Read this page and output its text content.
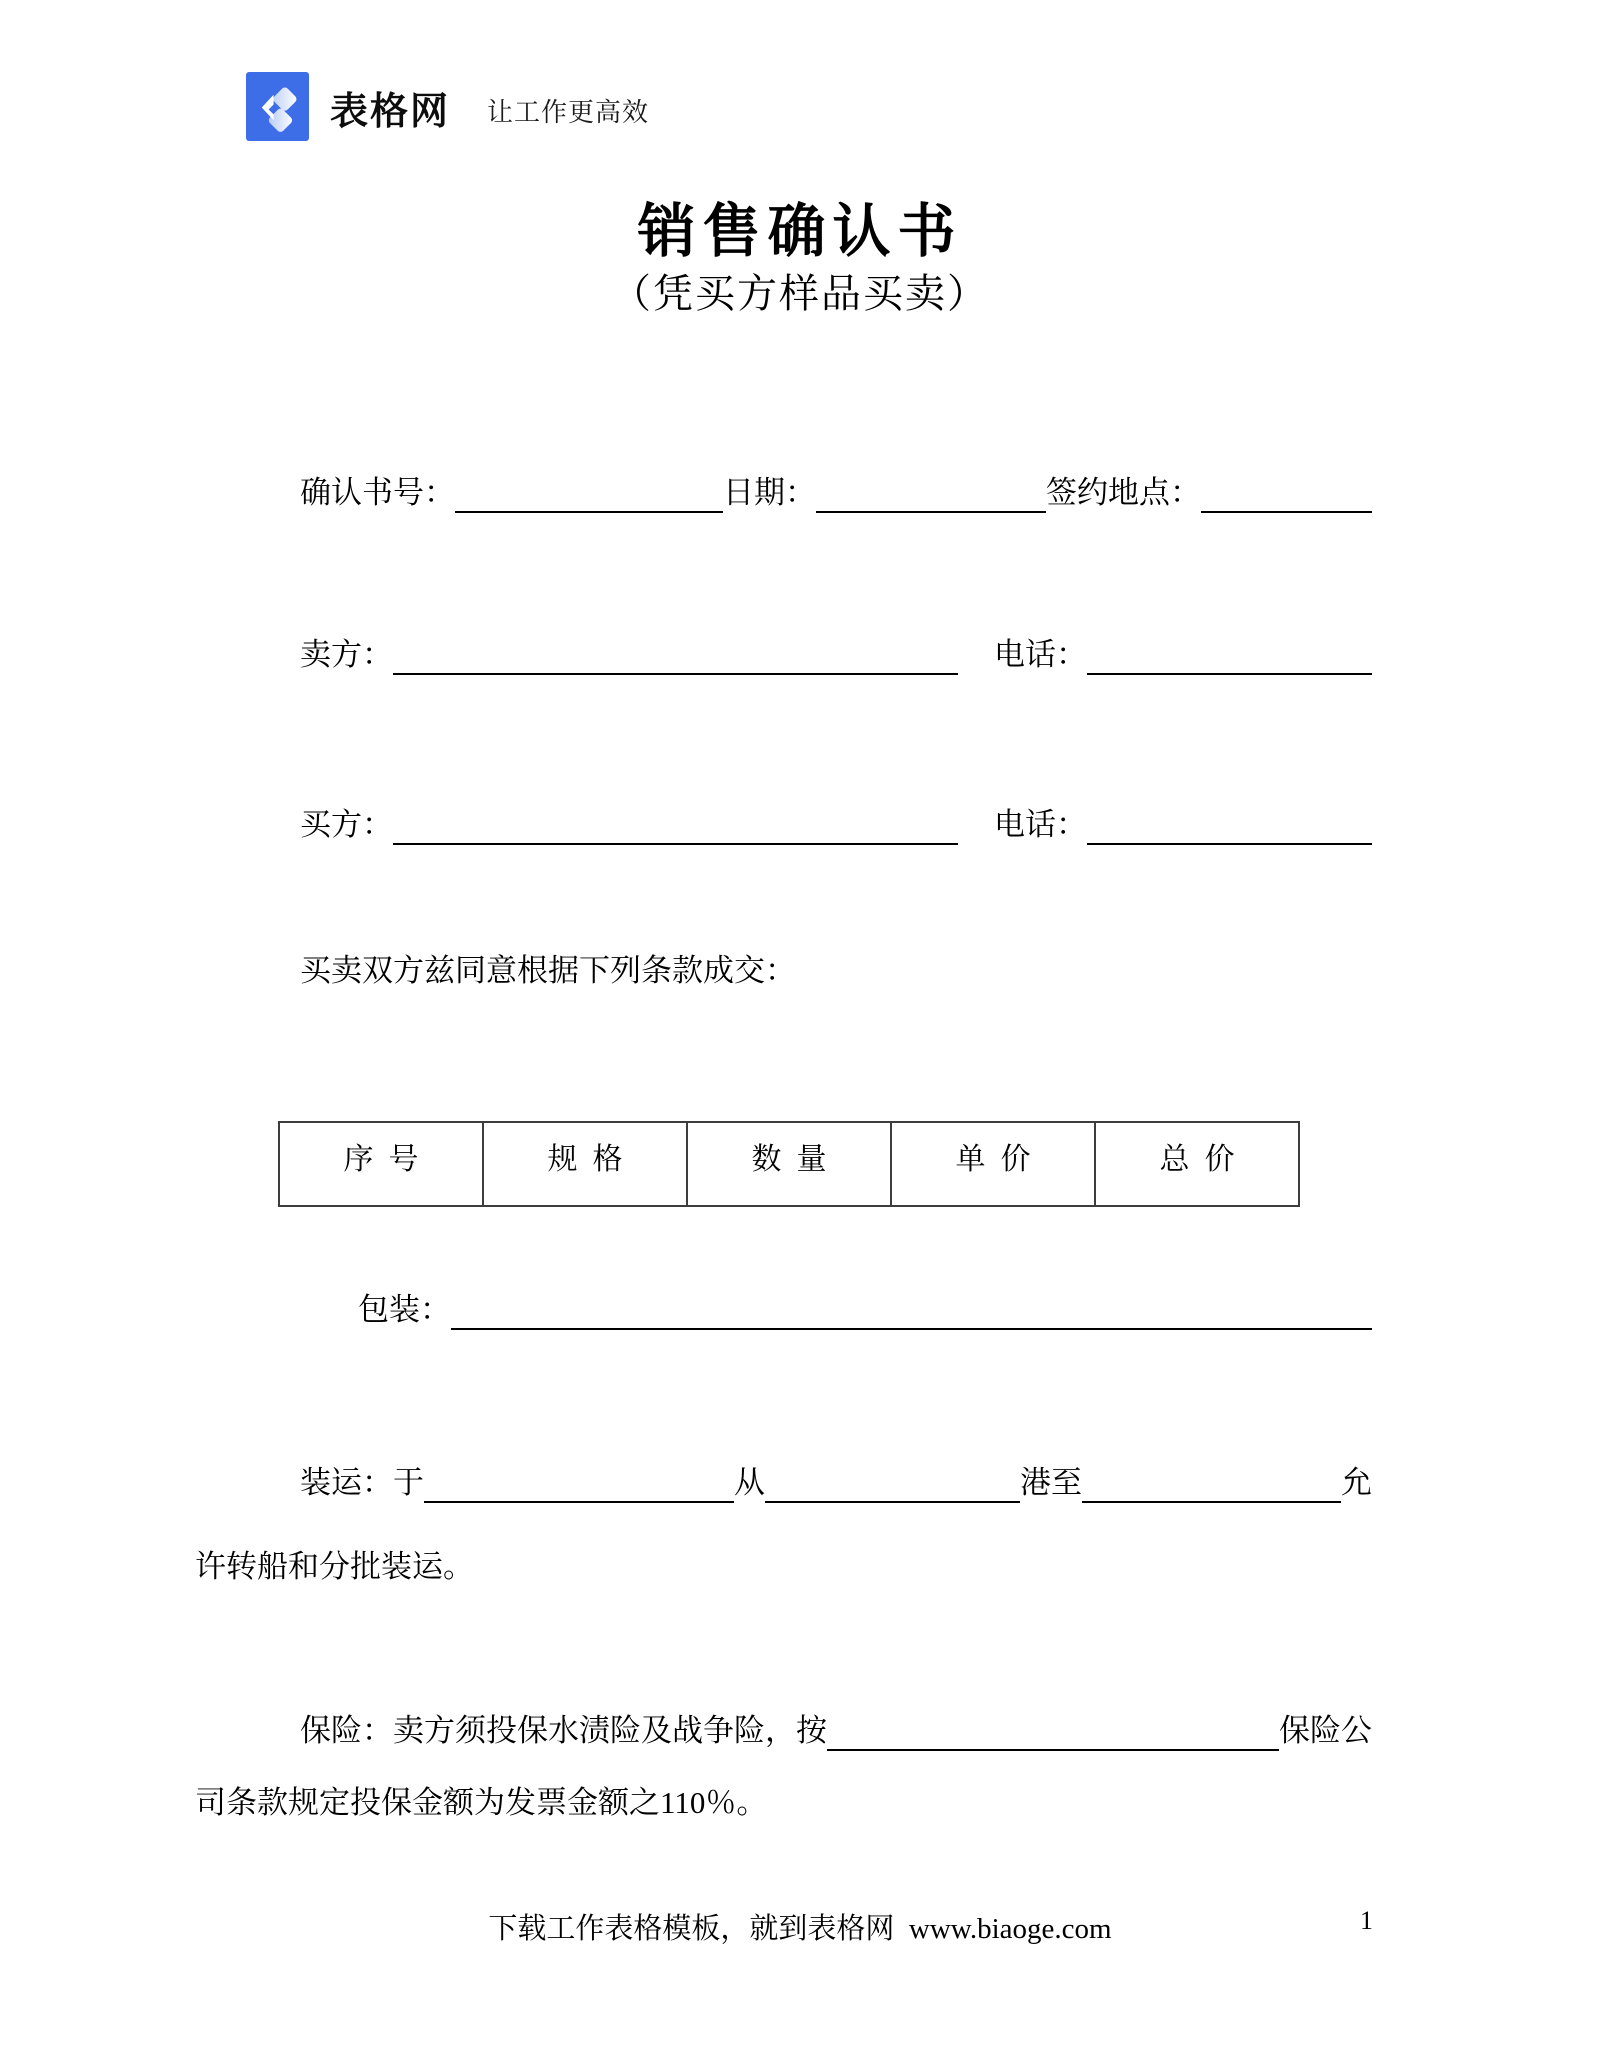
表格网 让工作更高效
销售确认书
（凭买方样品买卖）
确认书号：	日期：	签约地点：
卖方：	电话：
买方：	电话：
买卖双方兹同意根据下列条款成交：
序  号	规  格	数  量	单  价	总  价
包装：
装运：于	从	港至	允
许转船和分批装运。
保险：卖方须投保水渍险及战争险，按	保险公
司条款规定投保金额为发票金额之110％。
下载工作表格模板，就到表格网  www.biaoge.com	1
